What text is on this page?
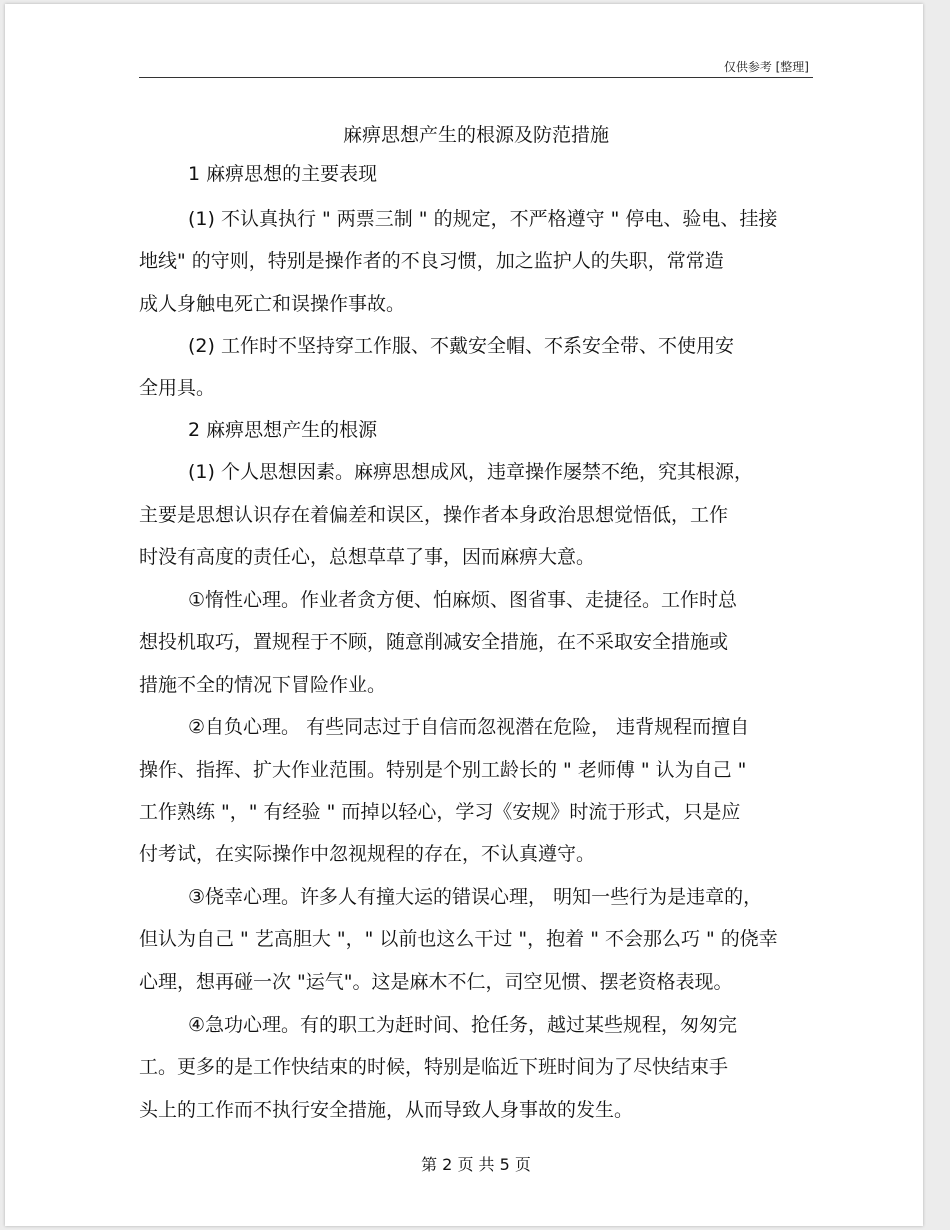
仅供参考 [整理]
麻痹思想产生的根源及防范措施
1 麻痹思想的主要表现
(1) 不认真执行 " 两票三制 " 的规定，不严格遵守 " 停电、验电、挂接
地线" 的守则，特别是操作者的不良习惯，加之监护人的失职，常常造
成人身触电死亡和误操作事故。
(2) 工作时不坚持穿工作服、不戴安全帽、不系安全带、不使用安
全用具。
2 麻痹思想产生的根源
(1) 个人思想因素。麻痹思想成风，违章操作屡禁不绝，究其根源，
主要是思想认识存在着偏差和误区，操作者本身政治思想觉悟低，工作
时没有高度的责任心，总想草草了事，因而麻痹大意。
①惰性心理。作业者贪方便、怕麻烦、图省事、走捷径。工作时总
想投机取巧，置规程于不顾，随意削减安全措施，在不采取安全措施或
措施不全的情况下冒险作业。
②自负心理。 有些同志过于自信而忽视潜在危险， 违背规程而擅自
操作、指挥、扩大作业范围。特别是个别工龄长的 " 老师傅 " 认为自己 "
工作熟练 "，" 有经验 " 而掉以轻心，学习《安规》时流于形式，只是应
付考试，在实际操作中忽视规程的存在，不认真遵守。
③侥幸心理。许多人有撞大运的错误心理， 明知一些行为是违章的，
但认为自己 " 艺高胆大 "，" 以前也这么干过 "，抱着 " 不会那么巧 " 的侥幸
心理，想再碰一次 "运气"。这是麻木不仁，司空见惯、摆老资格表现。
④急功心理。有的职工为赶时间、抢任务，越过某些规程，匆匆完
工。更多的是工作快结束的时候，特别是临近下班时间为了尽快结束手
头上的工作而不执行安全措施，从而导致人身事故的发生。
第 2 页 共 5 页
